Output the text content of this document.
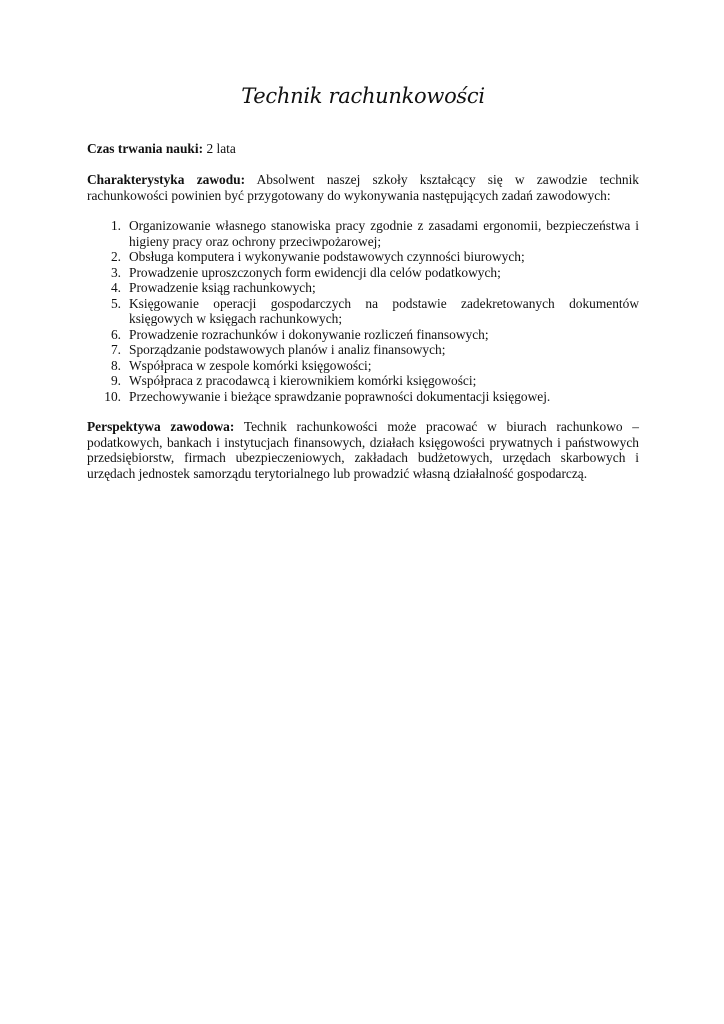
Technik rachunkowości

Czas trwania nauki: 2 lata

Charakterystyka zawodu: Absolwent naszej szkoły kształcący się w zawodzie technik rachunkowości powinien być przygotowany do wykonywania następujących zadań zawodowych:

1. Organizowanie własnego stanowiska pracy zgodnie z zasadami ergonomii, bezpieczeństwa i higieny pracy oraz ochrony przeciwpożarowej;
2. Obsługa komputera i wykonywanie podstawowych czynności biurowych;
3. Prowadzenie uproszczonych form ewidencji dla celów podatkowych;
4. Prowadzenie ksiąg rachunkowych;
5. Księgowanie operacji gospodarczych na podstawie zadekretowanych dokumentów księgowych w księgach rachunkowych;
6. Prowadzenie rozrachunków i dokonywanie rozliczeń finansowych;
7. Sporządzanie podstawowych planów i analiz finansowych;
8. Współpraca w zespole komórki księgowości;
9. Współpraca z pracodawcą i kierownikiem komórki księgowości;
10. Przechowywanie i bieżące sprawdzanie poprawności dokumentacji księgowej.

Perspektywa zawodowa: Technik rachunkowości może pracować w biurach rachunkowo – podatkowych, bankach i instytucjach finansowych, działach księgowości prywatnych i państwowych przedsiębiorstw, firmach ubezpieczeniowych, zakładach budżetowych, urzędach skarbowych i urzędach jednostek samorządu terytorialnego lub prowadzić własną działalność gospodarczą.
